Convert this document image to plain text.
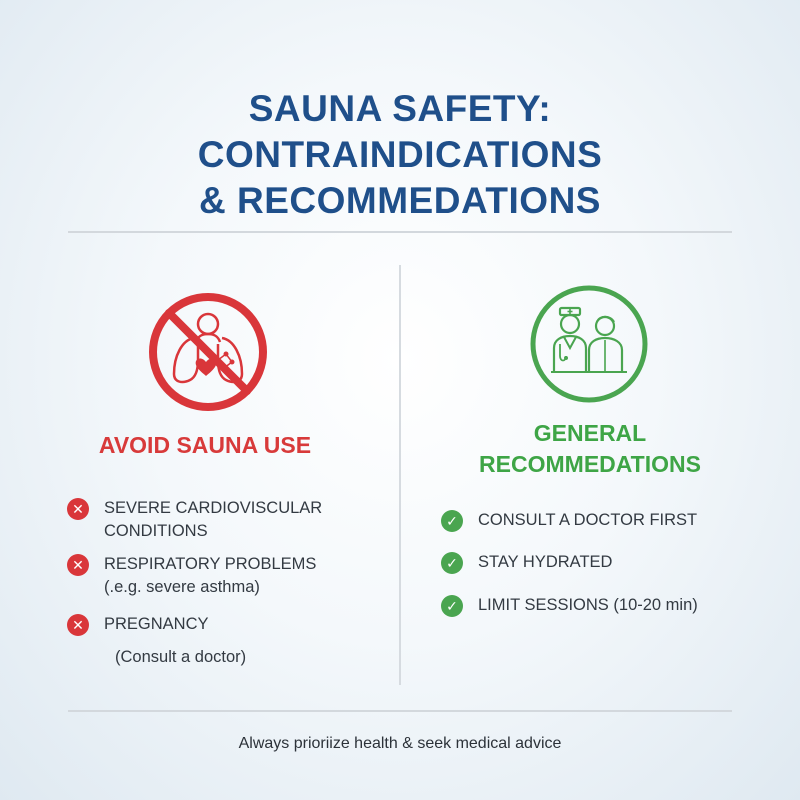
SAUNA SAFETY:
CONTRAINDICATIONS
& RECOMMEDATIONS
AVOID SAUNA USE
✕	SEVERE CARDIOVISCULAR
CONDITIONS
✕	RESPIRATORY PROBLEMS
(.e.g. severe asthma)
✕	PREGNANCY
(Consult a doctor)
GENERAL
RECOMMEDATIONS
✓	CONSULT A DOCTOR FIRST
✓	STAY HYDRATED
✓	LIMIT SESSIONS (10-20 min)
Always prioriize health & seek medical advice
